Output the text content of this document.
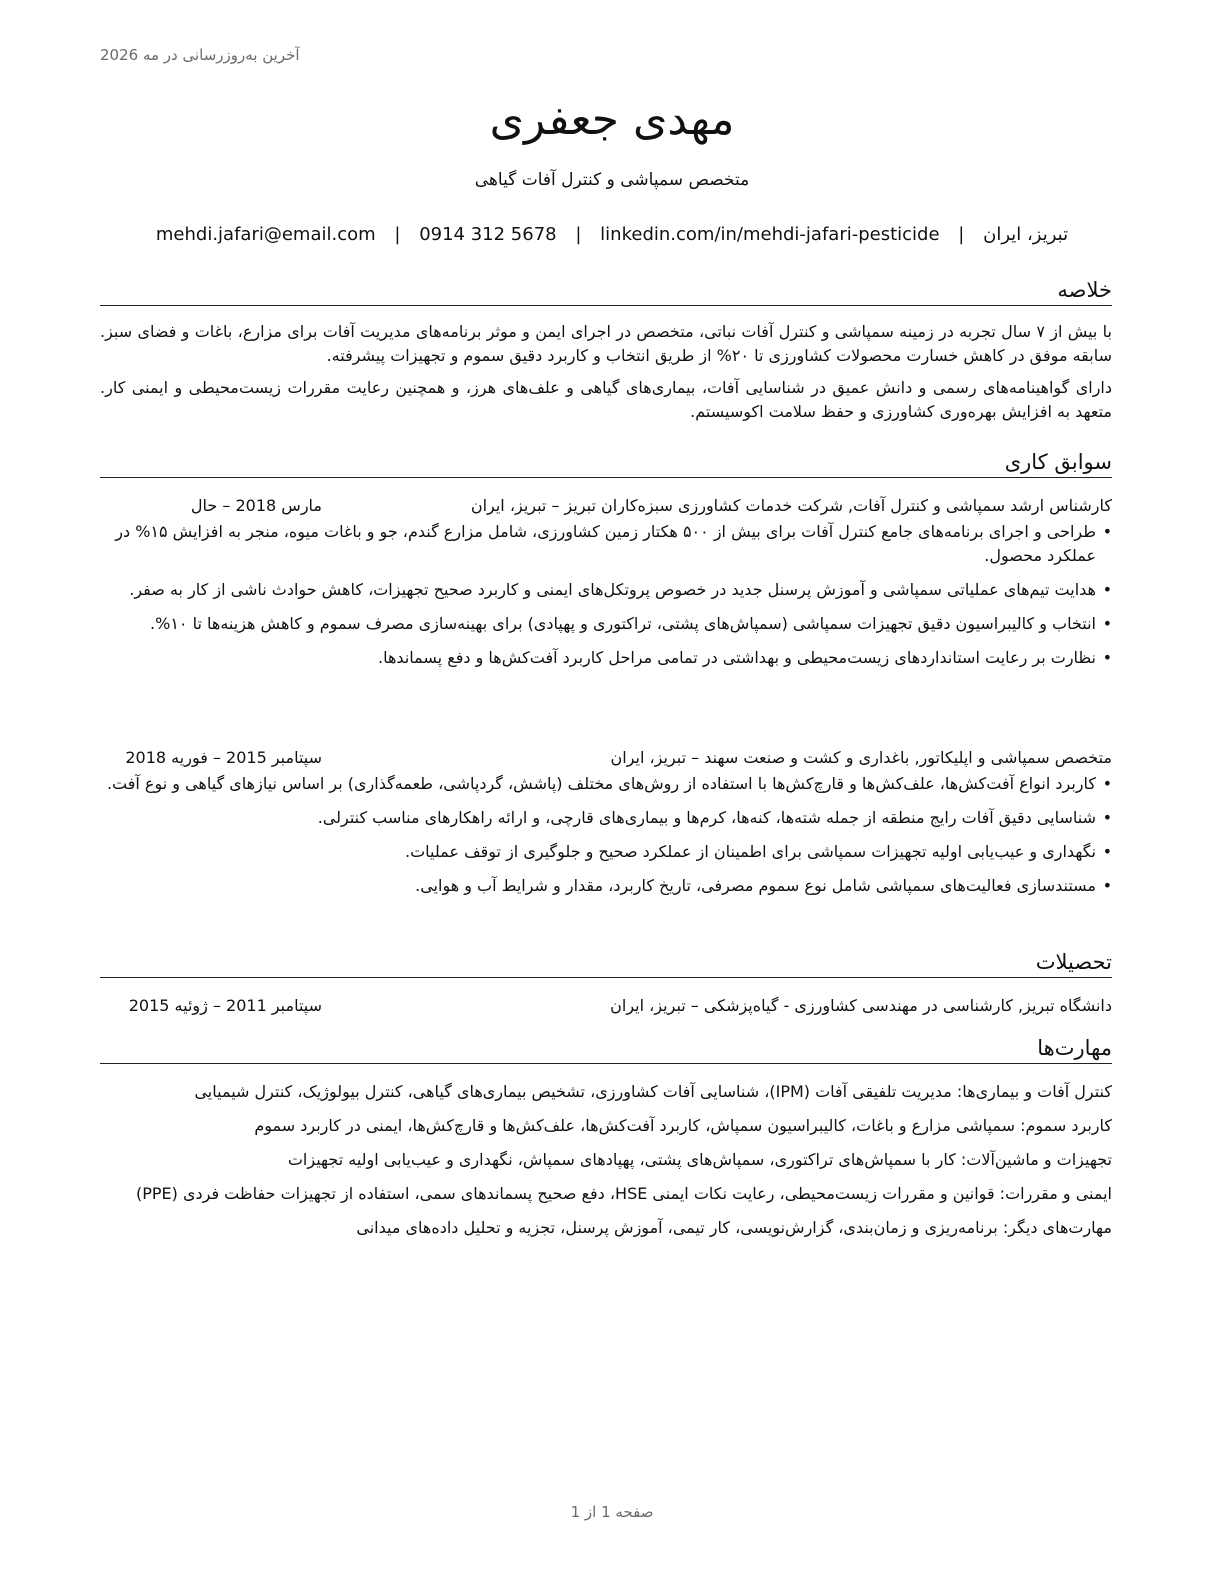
آخرین به‌روزرسانی در مه 2026
مهدی جعفری
متخصص سمپاشی و کنترل آفات گیاهی
تبریز، ایران | mehdi.jafari@email.com | 0914 312 5678 | linkedin.com/in/mehdi-jafari-pesticide
خلاصه

با بیش از ۷ سال تجربه در زمینه سمپاشی و کنترل آفات نباتی، متخصص در اجرای ایمن و موثر برنامه‌های مدیریت آفات برای مزارع، باغات و فضای سبز. سابقه موفق در کاهش خسارت محصولات کشاورزی تا ۲۰% از طریق انتخاب و کاربرد دقیق سموم و تجهیزات پیشرفته.

دارای گواهینامه‌های رسمی و دانش عمیق در شناسایی آفات، بیماری‌های گیاهی و علف‌های هرز، و همچنین رعایت مقررات زیست‌محیطی و ایمنی کار. متعهد به افزایش بهره‌وری کشاورزی و حفظ سلامت اکوسیستم.

سوابق کاری
کارشناس ارشد سمپاشی و کنترل آفات, شرکت خدمات کشاورزی سبزه‌کاران تبریز – تبریز، ایران
مارس 2018 – حال
•
طراحی و اجرای برنامه‌های جامع کنترل آفات برای بیش از ۵۰۰ هکتار زمین کشاورزی، شامل مزارع گندم، جو و باغات میوه، منجر به افزایش ۱۵% در عملکرد محصول.
•
هدایت تیم‌های عملیاتی سمپاشی و آموزش پرسنل جدید در خصوص پروتکل‌های ایمنی و کاربرد صحیح تجهیزات، کاهش حوادث ناشی از کار به صفر.
•
انتخاب و کالیبراسیون دقیق تجهیزات سمپاشی (سمپاش‌های پشتی، تراکتوری و پهپادی) برای بهینه‌سازی مصرف سموم و کاهش هزینه‌ها تا ۱۰%.
•
نظارت بر رعایت استانداردهای زیست‌محیطی و بهداشتی در تمامی مراحل کاربرد آفت‌کش‌ها و دفع پسماندها.
متخصص سمپاشی و اپلیکاتور, باغداری و کشت و صنعت سهند – تبریز، ایران
سپتامبر 2015 – فوریه 2018
•
کاربرد انواع آفت‌کش‌ها، علف‌کش‌ها و قارچ‌کش‌ها با استفاده از روش‌های مختلف (پاشش، گردپاشی، طعمه‌گذاری) بر اساس نیازهای گیاهی و نوع آفت.
•
شناسایی دقیق آفات رایج منطقه از جمله شته‌ها، کنه‌ها، کرم‌ها و بیماری‌های قارچی، و ارائه راهکارهای مناسب کنترلی.
•
نگهداری و عیب‌یابی اولیه تجهیزات سمپاشی برای اطمینان از عملکرد صحیح و جلوگیری از توقف عملیات.
•
مستندسازی فعالیت‌های سمپاشی شامل نوع سموم مصرفی، تاریخ کاربرد، مقدار و شرایط آب و هوایی.
تحصیلات
دانشگاه تبریز, کارشناسی در مهندسی کشاورزی - گیاه‌پزشکی – تبریز، ایران
سپتامبر 2011 – ژوئیه 2015
مهارت‌ها

کنترل آفات و بیماری‌ها: مدیریت تلفیقی آفات (IPM)، شناسایی آفات کشاورزی، تشخیص بیماری‌های گیاهی، کنترل بیولوژیک، کنترل شیمیایی

کاربرد سموم: سمپاشی مزارع و باغات، کالیبراسیون سمپاش، کاربرد آفت‌کش‌ها، علف‌کش‌ها و قارچ‌کش‌ها، ایمنی در کاربرد سموم

تجهیزات و ماشین‌آلات: کار با سمپاش‌های تراکتوری، سمپاش‌های پشتی، پهپادهای سمپاش، نگهداری و عیب‌یابی اولیه تجهیزات

ایمنی و مقررات: قوانین و مقررات زیست‌محیطی، رعایت نکات ایمنی HSE، دفع صحیح پسماندهای سمی، استفاده از تجهیزات حفاظت فردی (PPE)

مهارت‌های دیگر: برنامه‌ریزی و زمان‌بندی، گزارش‌نویسی، کار تیمی، آموزش پرسنل، تجزیه و تحلیل داده‌های میدانی

صفحه 1 از 1
